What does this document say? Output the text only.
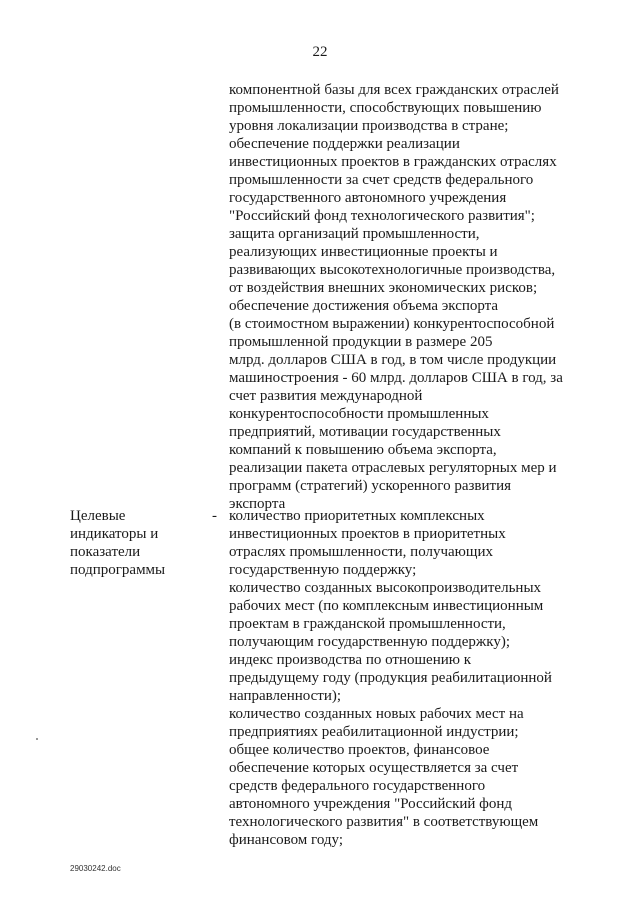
22
компонентной базы для всех гражданских отраслей
промышленности, способствующих повышению
уровня локализации производства в стране;
обеспечение поддержки реализации
инвестиционных проектов в гражданских отраслях
промышленности за счет средств федерального
государственного автономного учреждения
"Российский фонд технологического развития";
защита организаций промышленности,
реализующих инвестиционные проекты и
развивающих высокотехнологичные производства,
от воздействия внешних экономических рисков;
обеспечение достижения объема экспорта
(в стоимостном выражении) конкурентоспособной
промышленной продукции в размере 205
млрд. долларов США в год, в том числе продукции
машиностроения - 60 млрд. долларов США в год, за
счет развития международной
конкурентоспособности промышленных
предприятий, мотивации государственных
компаний к повышению объема экспорта,
реализации пакета отраслевых регуляторных мер и
программ (стратегий) ускоренного развития
экспорта
Целевые
индикаторы и
показатели
подпрограммы
- количество приоритетных комплексных
инвестиционных проектов в приоритетных
отраслях промышленности, получающих
государственную поддержку;
количество созданных высокопроизводительных
рабочих мест (по комплексным инвестиционным
проектам в гражданской промышленности,
получающим государственную поддержку);
индекс производства по отношению к
предыдущему году (продукция реабилитационной
направленности);
количество созданных новых рабочих мест на
предприятиях реабилитационной индустрии;
общее количество проектов, финансовое
обеспечение которых осуществляется за счет
средств федерального государственного
автономного учреждения "Российский фонд
технологического развития" в соответствующем
финансовом году;
29030242.doc
